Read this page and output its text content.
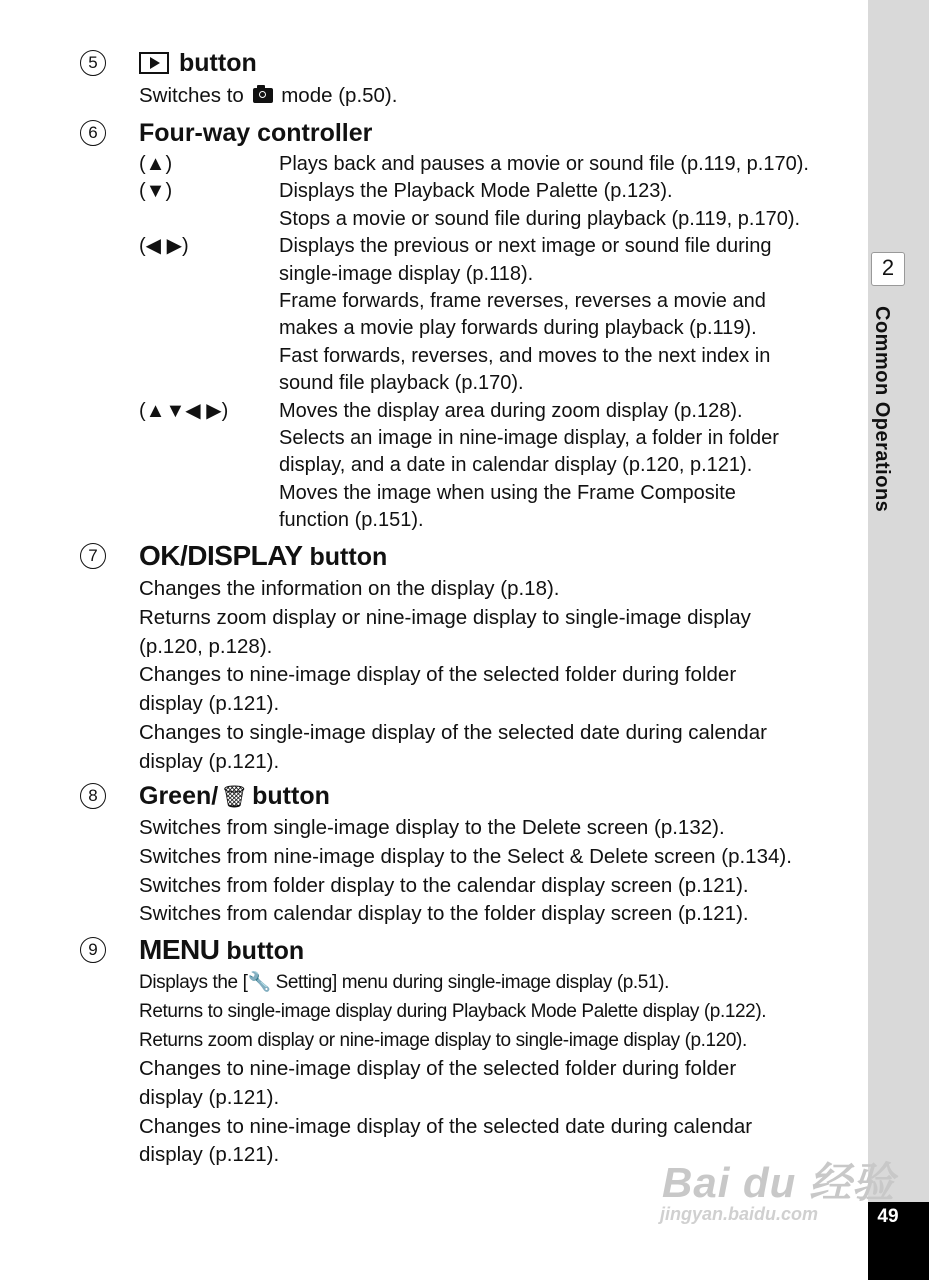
2
Common Operations
49
5	button
Switches to mode (p.50).
6	Four-way controller
(▲)	Plays back and pauses a movie or sound file (p.119, p.170).
(▼)	Displays the Playback Mode Palette (p.123).
Stops a movie or sound file during playback (p.119, p.170).
(◀ ▶)	Displays the previous or next image or sound file during
single-image display (p.118).
Frame forwards, frame reverses, reverses a movie and
makes a movie play forwards during playback (p.119).
Fast forwards, reverses, and moves to the next index in
sound file playback (p.170).
(▲▼◀ ▶)	Moves the display area during zoom display (p.128).
Selects an image in nine-image display, a folder in folder
display, and a date in calendar display (p.120, p.121).
Moves the image when using the Frame Composite
function (p.151).
7 OK/DISPLAY button
Changes the information on the display (p.18).
Returns zoom display or nine-image display to single-image display
(p.120, p.128).
Changes to nine-image display of the selected folder during folder
display (p.121).
Changes to single-image display of the selected date during calendar
display (p.121).
8	Green/🗑 button
Switches from single-image display to the Delete screen (p.132).
Switches from nine-image display to the Select & Delete screen (p.134).
Switches from folder display to the calendar display screen (p.121).
Switches from calendar display to the folder display screen (p.121).
9 MENU button
Displays the [🔧 Setting] menu during single-image display (p.51).
Returns to single-image display during Playback Mode Palette display (p.122).
Returns zoom display or nine-image display to single-image display (p.120).
Changes to nine-image display of the selected folder during folder
display (p.121).
Changes to nine-image display of the selected date during calendar
display (p.121).
Bai du 经验
jingyan.baidu.com
